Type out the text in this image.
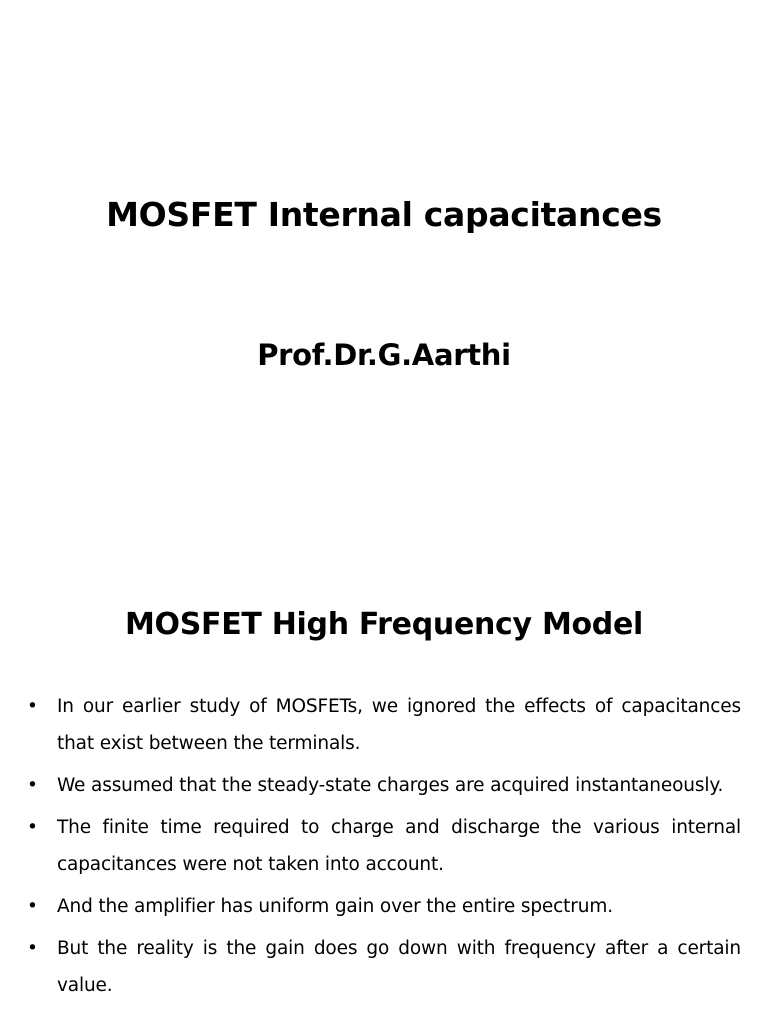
MOSFET Internal capacitances
Prof.Dr.G.Aarthi
MOSFET High Frequency Model
• In our earlier study of MOSFETs, we ignored the effects of capacitances that exist between the terminals.
• We assumed that the steady-state charges are acquired instantaneously.
• The finite time required to charge and discharge the various internal capacitances were not taken into account.
• And the amplifier has uniform gain over the entire spectrum.
• But the reality is the gain does go down with frequency after a certain value.
